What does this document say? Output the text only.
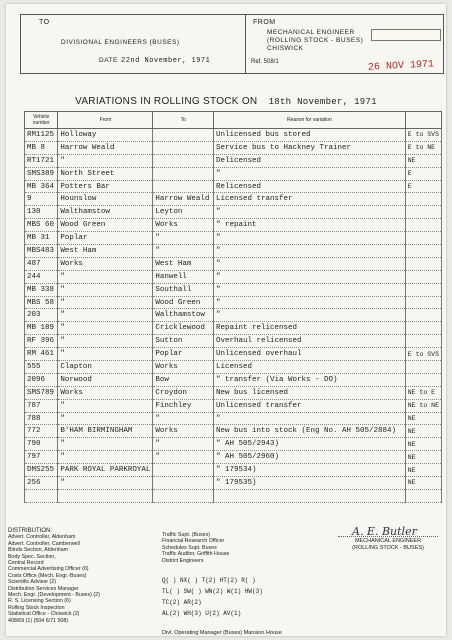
TO
DIVISIONAL ENGINEERS (BUSES)
DATE 22nd November, 1971
FROM
MECHANICAL ENGINEER
(ROLLING STOCK - BUSES)
CHISWICK
Ref. 508/1	26 NOV 1971
VARIATIONS IN ROLLING STOCK ON 18th November, 1971
Vehicle number	From	To	Reason for variation	
RM1125	Holloway		Unlicensed bus stored	E to SVS
MB 8	Harrow Weald		Service bus to Hackney Trainer	E to NE
RT1721	"		Delicensed	NE
SMS389	North Street		"	E
MB 364	Potters Bar		Relicensed	E
9	Hounslow	Harrow Weald	Licensed transfer	
130	Walthamstow	Leyton	"	
MBS 60	Wood Green	Works	" repaint	
MB 31	Poplar	"	"	
MBS483	West Ham	"	"	
487	Works	West Ham	"	
244	"	Hanwell	"	
MB 338	"	Southall	"	
MBS 58	"	Wood Green	"	
203	"	Walthamstow	"	
MB 189	"	Cricklewood	Repaint relicensed	
RF 396	"	Sutton	Overhaul relicensed	
RM 461	"	Poplar	Unlicensed overhaul	E to SVS
555	Clapton	Works	Licensed	
2096	Norwood	Bow	" transfer (Via Works - DO)	
SMS789	Works	Croydon	New bus licensed	NE to E
787	"	Finchley	Unlicensed transfer	NE to NE
788	"	"	"	NE
772	B'HAM BIRMINGHAM	Works	New bus into stock (Eng No. AH 505/2884)	NE
790	"	"	" AH 505/2943)	NE
797	"	"	" AH 505/2960)	NE
DMS255	PARK ROYAL PARKROYAL		" 179534)	NE
256	"		" 179535)	NE

DISTRIBUTION:
Advert. Controller, Aldenham
Advert. Controller, Camberwell
Blinds Section, Aldenham
Body Spec. Section,
Central Record
Commercial Advertising Officer (6)
Costs Office (Mech. Engr.-Buses)
Scientific Adviser (2)
Distribution Services Manager
Mech. Engr. (Development - Buses) (2)
R. S. Licensing Section (6)
Rolling Stock Inspection
Statistical Office - Chiswick (2)
408/69 (1) (504 6/71 508)
Traffic Supt. (Buses)
Financial Research Officer
Schedules Supt. Buses
Traffic Auditor, Griffith House
District Engineers
Q( ) NX( ) T(2) HT(2) R( )
TL( ) SW( ) WN(2) W(1) HW(3)
TC(2) AR(2)
AL(2) WH(3) U(2) AV(1)
Divl. Operating Manager (Buses) Mansion House
A. E. Butler
MECHANICAL ENGINEER
(ROLLING STOCK - BUSES)
